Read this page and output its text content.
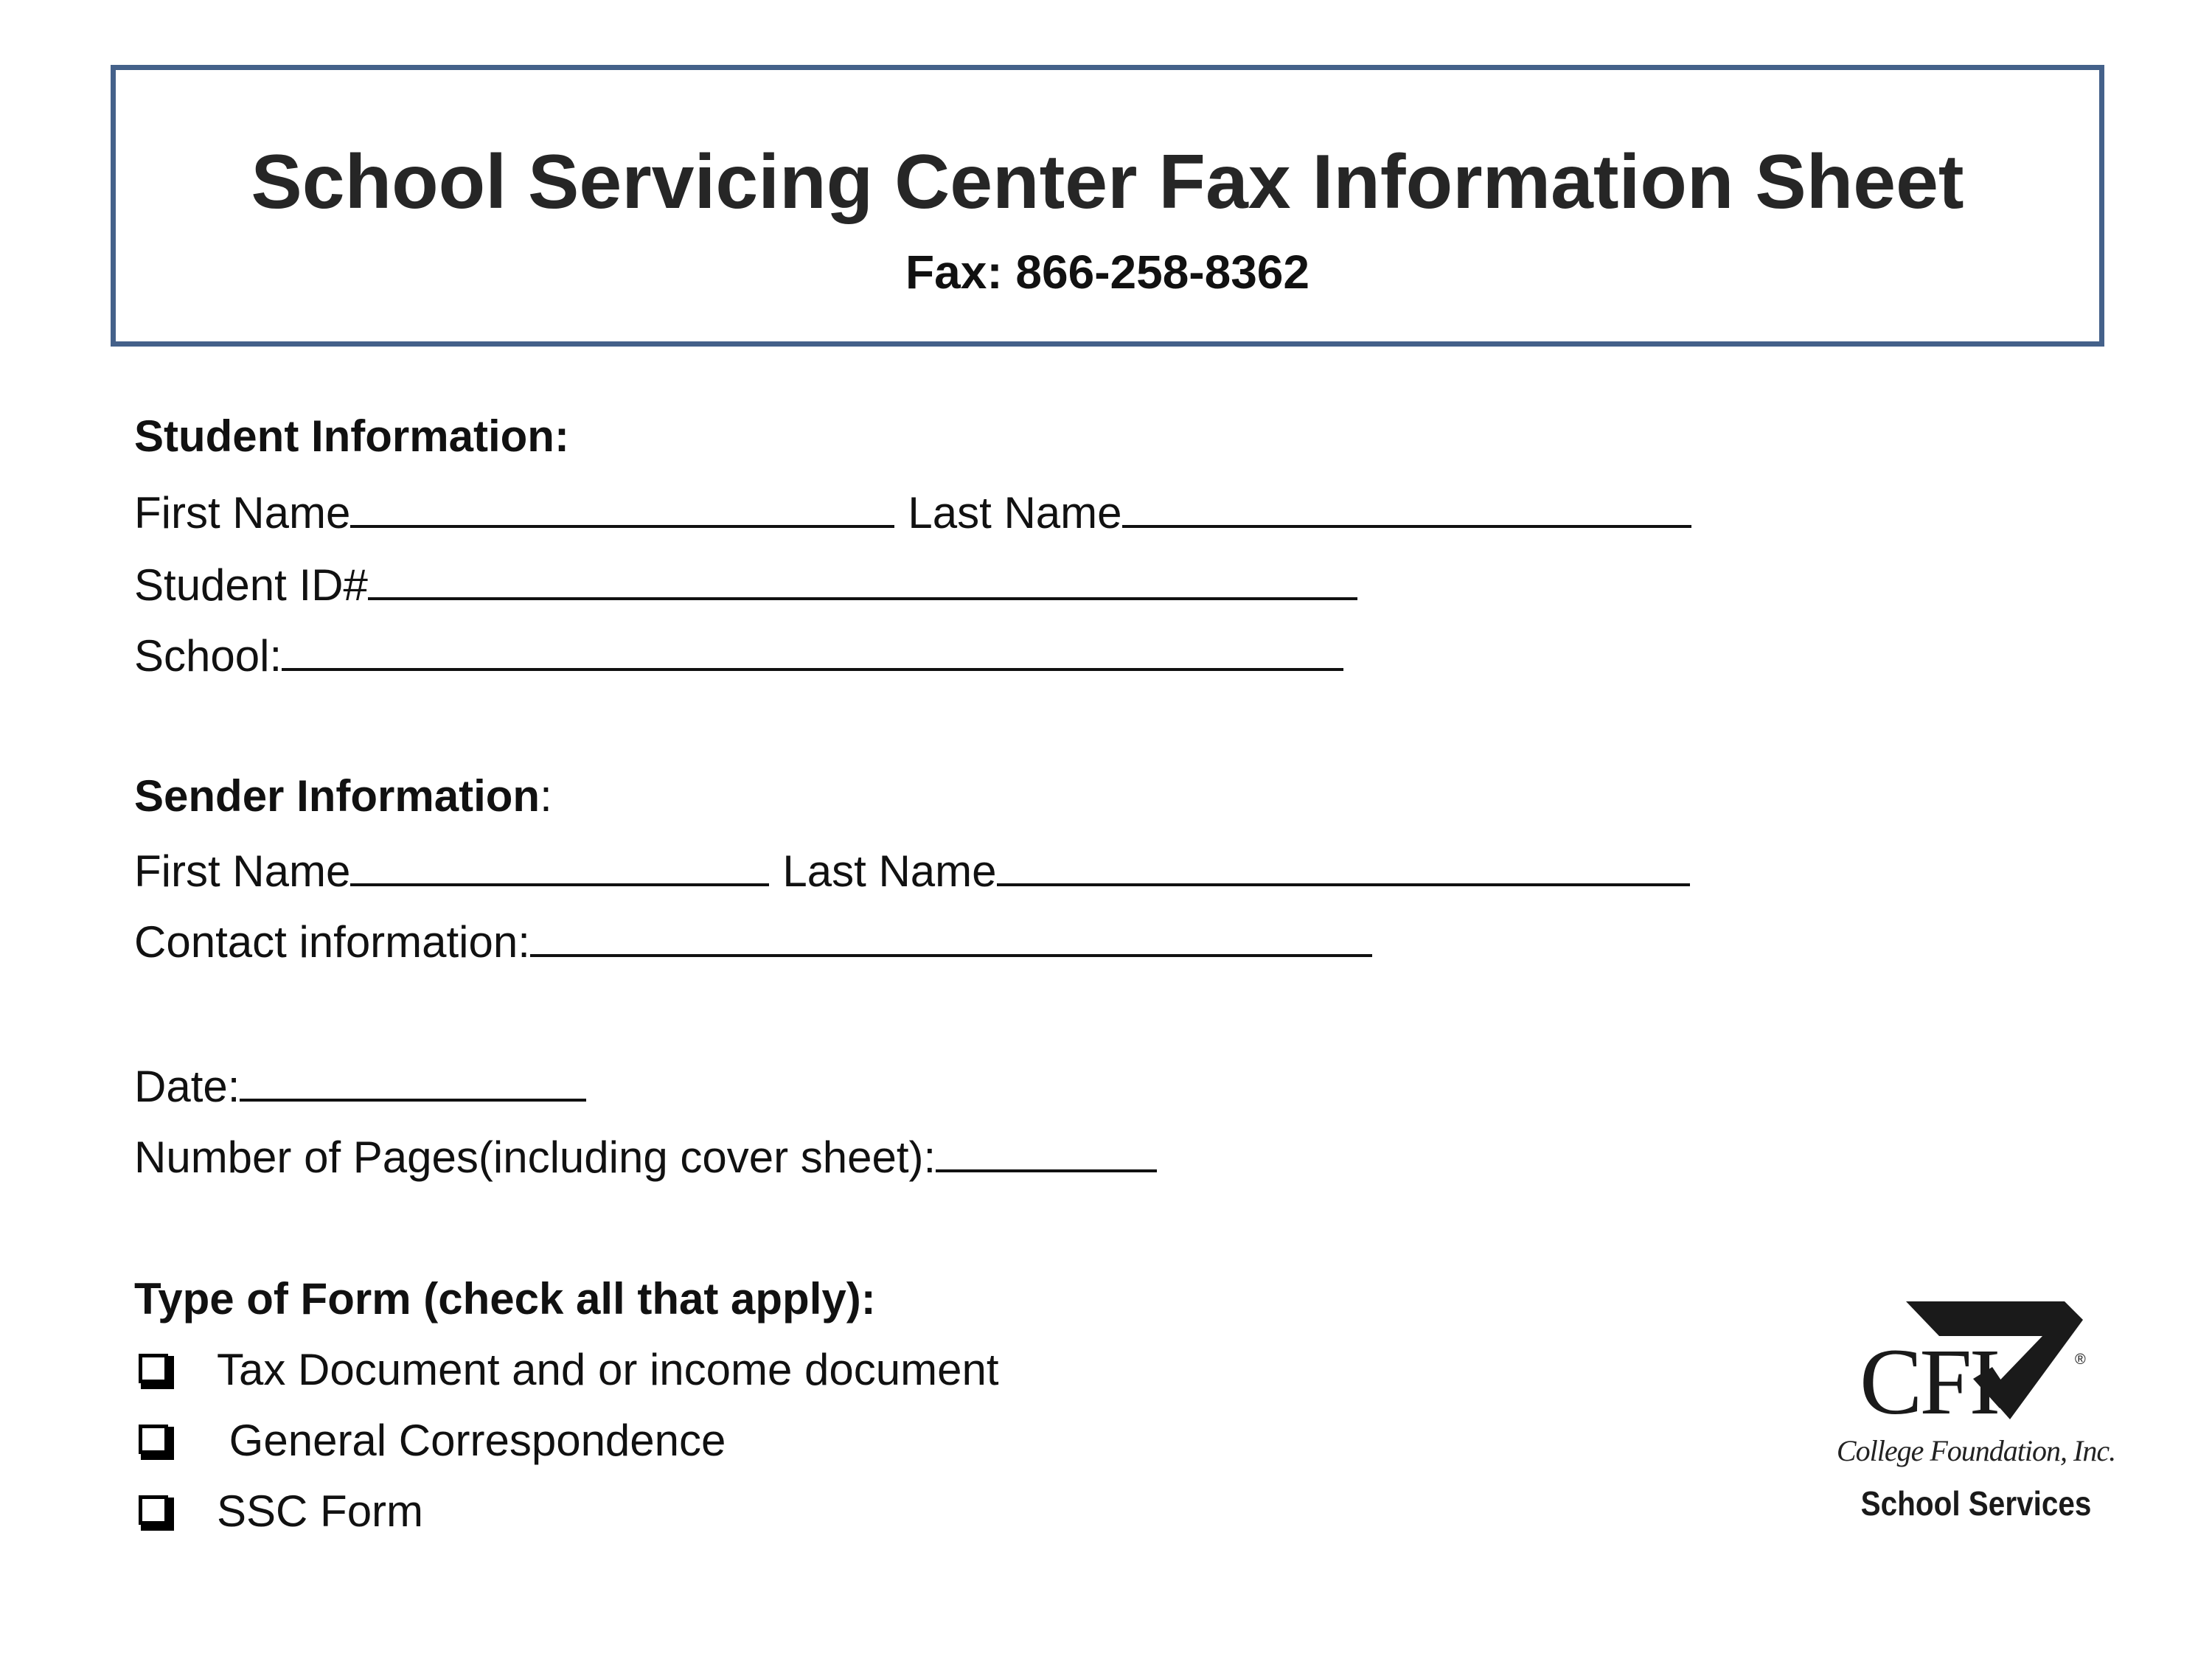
School Servicing Center Fax Information Sheet
Fax: 866-258-8362
Student Information:
First Name	Last Name
Student ID#
School:
Sender Information:
First Name	Last Name
Contact information:
Date:
Number of Pages(including cover sheet):
Type of Form (check all that apply):
Tax Document and or income document
General Correspondence
SSC Form
®
CFI
College Foundation, Inc.
School Services
